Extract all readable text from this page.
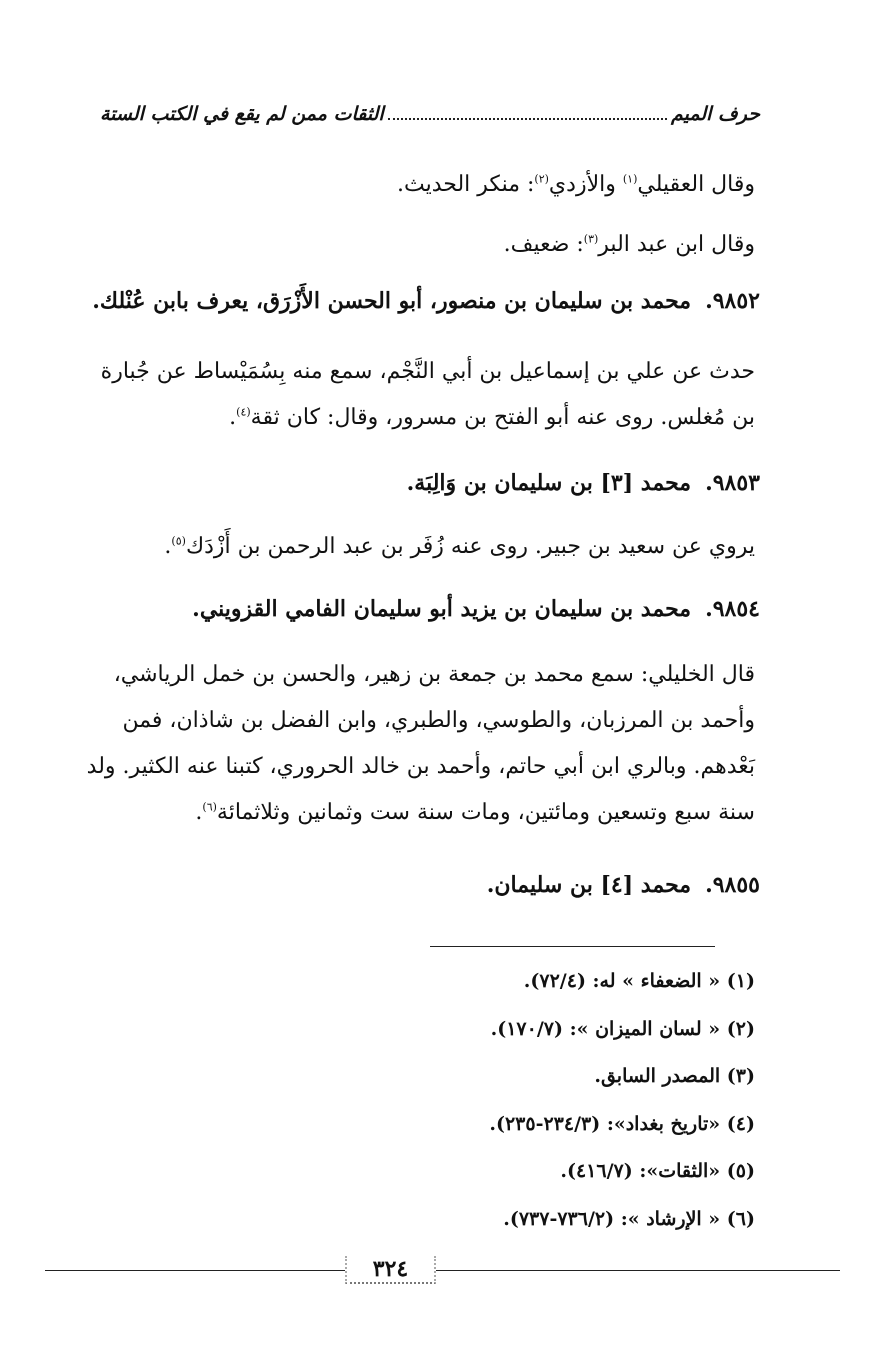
حرف الميم
الثقات ممن لم يقع في الكتب الستة
وقال العقيلي$^{(١)}$ والأزدي$^{(٢)}$: منكر الحديث.
وقال ابن عبد البر$^{(٣)}$: ضعيف.
٩٨٥٢.محمد بن سليمان بن منصور، أبو الحسن الأَزْرَق، يعرف بابن عُنْلك.
حدث عن علي بن إسماعيل بن أبي النَّجْم، سمع منه بِسُمَيْساط عن جُبارة
بن مُغلس. روى عنه أبو الفتح بن مسرور، وقال: كان ثقة$^{(٤)}$.
٩٨٥٣.محمد [٣] بن سليمان بن وَالِبَة.
يروي عن سعيد بن جبير. روى عنه زُفَر بن عبد الرحمن بن أَزْدَك$^{(٥)}$.
٩٨٥٤.محمد بن سليمان بن يزيد أبو سليمان الفامي القزويني.
قال الخليلي: سمع محمد بن جمعة بن زهير، والحسن بن خمل الرياشي،
وأحمد بن المرزبان، والطوسي، والطبري، وابن الفضل بن شاذان، فمن
بَعْدهم. وبالري ابن أبي حاتم، وأحمد بن خالد الحروري، كتبنا عنه الكثير. ولد
سنة سبع وتسعين ومائتين، ومات سنة ست وثمانين وثلاثمائة$^{(٦)}$.
٩٨٥٥.محمد [٤] بن سليمان.
(١) « الضعفاء » له: (٧٢/٤).
(٢) « لسان الميزان »: (١٧٠/٧).
(٣) المصدر السابق.
(٤) «تاريخ بغداد»: (٢٣٤/٣-٢٣٥).
(٥) «الثقات»: (٤١٦/٧).
(٦) « الإرشاد »: (٧٣٦/٢-٧٣٧).
٣٢٤
